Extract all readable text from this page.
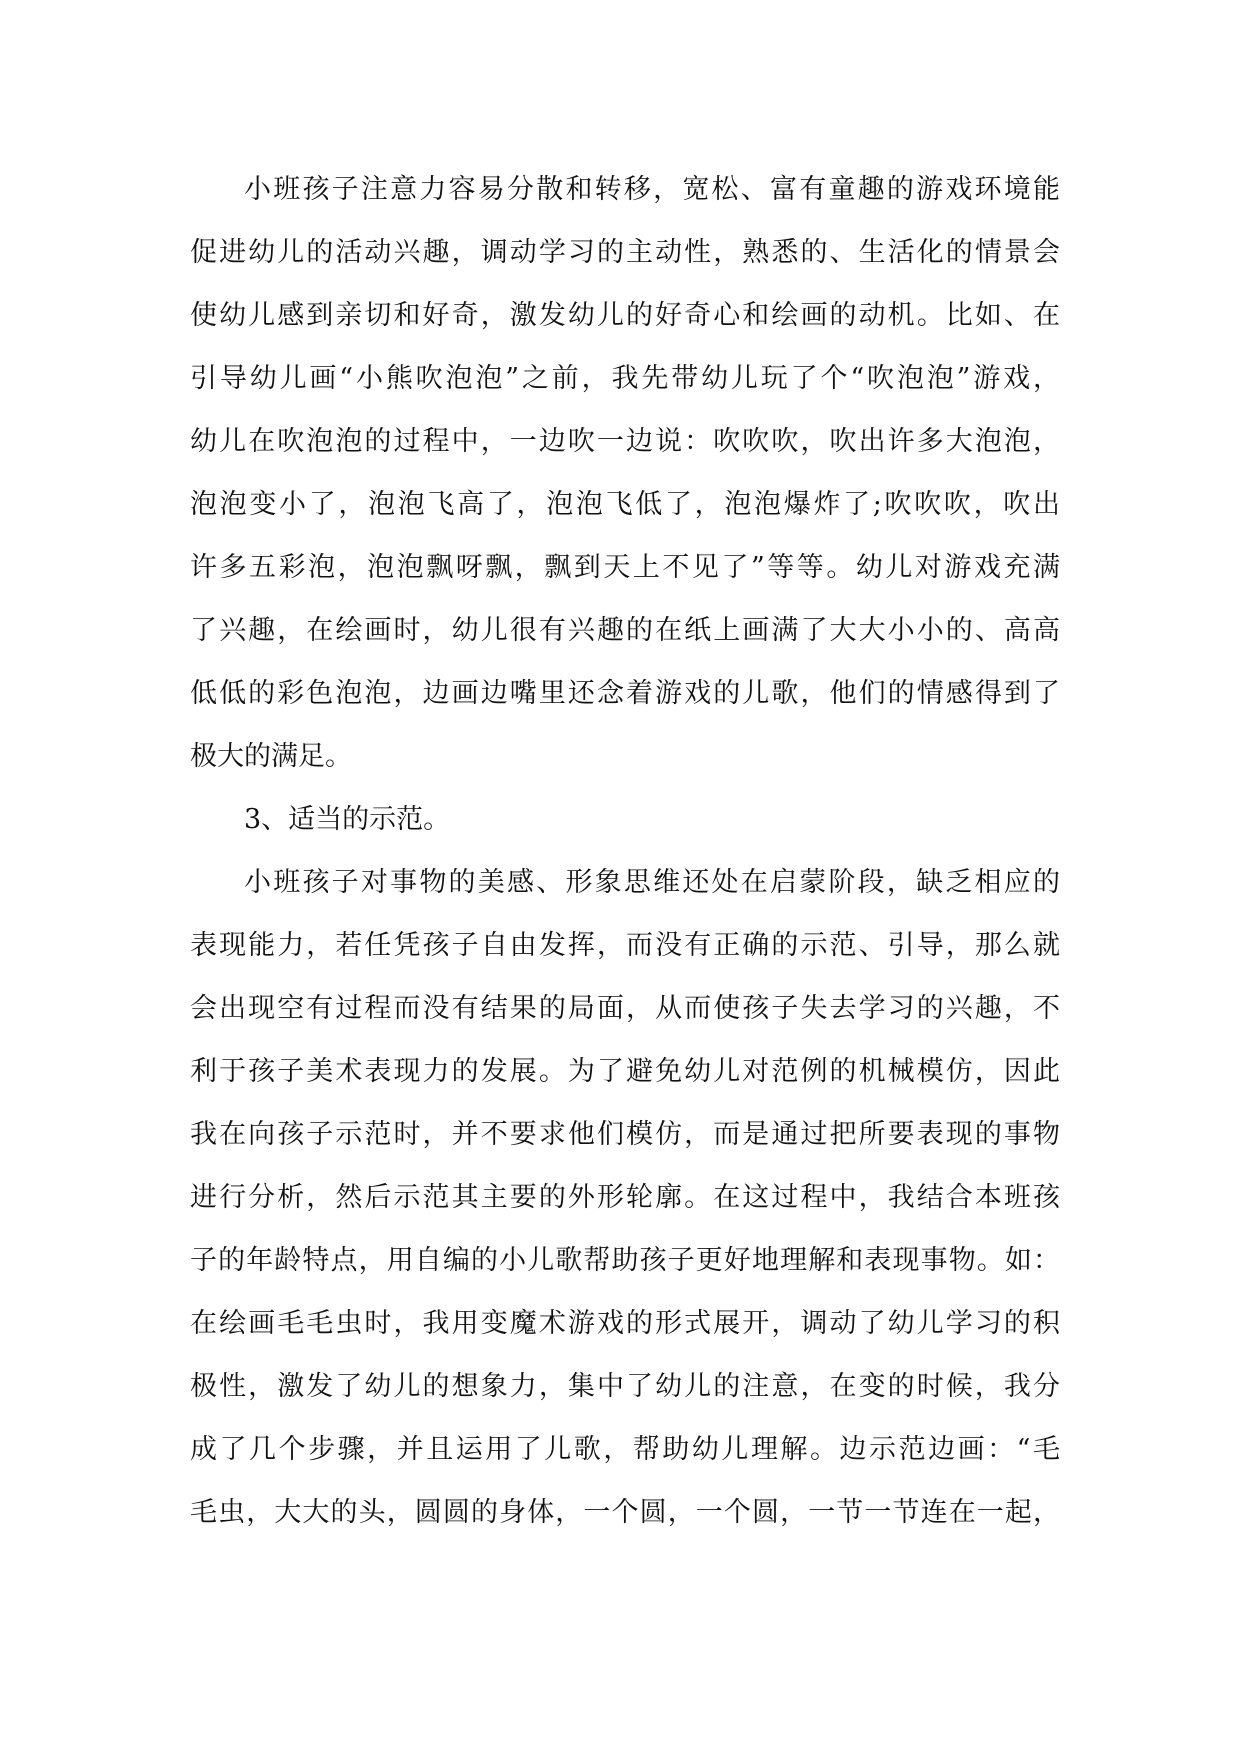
小班孩子注意力容易分散和转移，宽松、富有童趣的游戏环境能
促进幼儿的活动兴趣，调动学习的主动性，熟悉的、生活化的情景会
使幼儿感到亲切和好奇，激发幼儿的好奇心和绘画的动机。比如、在
引导幼儿画“小熊吹泡泡”之前，我先带幼儿玩了个“吹泡泡”游戏，
幼儿在吹泡泡的过程中，一边吹一边说：吹吹吹，吹出许多大泡泡，
泡泡变小了，泡泡飞高了，泡泡飞低了，泡泡爆炸了;吹吹吹，吹出
许多五彩泡，泡泡飘呀飘，飘到天上不见了”等等。幼儿对游戏充满
了兴趣，在绘画时，幼儿很有兴趣的在纸上画满了大大小小的、高高
低低的彩色泡泡，边画边嘴里还念着游戏的儿歌，他们的情感得到了
极大的满足。
3、适当的示范。
小班孩子对事物的美感、形象思维还处在启蒙阶段，缺乏相应的
表现能力，若任凭孩子自由发挥，而没有正确的示范、引导，那么就
会出现空有过程而没有结果的局面，从而使孩子失去学习的兴趣，不
利于孩子美术表现力的发展。为了避免幼儿对范例的机械模仿，因此
我在向孩子示范时，并不要求他们模仿，而是通过把所要表现的事物
进行分析，然后示范其主要的外形轮廓。在这过程中，我结合本班孩
子的年龄特点，用自编的小儿歌帮助孩子更好地理解和表现事物。如：
在绘画毛毛虫时，我用变魔术游戏的形式展开，调动了幼儿学习的积
极性，激发了幼儿的想象力，集中了幼儿的注意，在变的时候，我分
成了几个步骤，并且运用了儿歌，帮助幼儿理解。边示范边画：“毛
毛虫，大大的头，圆圆的身体，一个圆，一个圆，一节一节连在一起，
